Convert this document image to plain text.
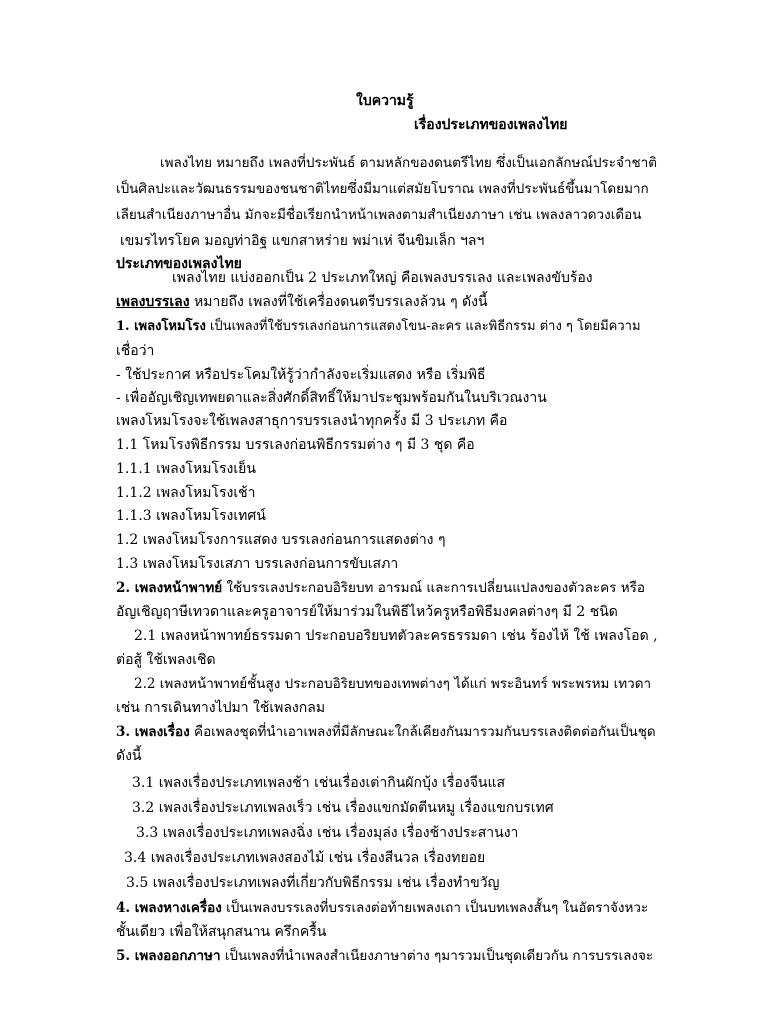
ใบความรู้
เรื่องประเภทของเพลงไทย
เพลงไทย หมายถึง เพลงที่ประพันธ์ ตามหลักของดนตรีไทย ซึ่งเป็นเอกลักษณ์ประจำชาติ
เป็นศิลปะและวัฒนธรรมของชนชาติไทยซึ่งมีมาแต่สมัยโบราณ เพลงที่ประพันธ์ขึ้นมาโดยมาก
เลียนสำเนียงภาษาอื่น มักจะมีชื่อเรียกนำหน้าเพลงตามสำเนียงภาษา เช่น เพลงลาวดวงเดือน
เขมรไทรโยค มอญท่าอิฐ แขกสาหร่าย พม่าเห่ จีนขิมเล็ก ฯลฯ
ประเภทของเพลงไทย
เพลงไทย แบ่งออกเป็น 2 ประเภทใหญ่ คือเพลงบรรเลง และเพลงขับร้อง
เพลงบรรเลง หมายถึง เพลงที่ใช้เครื่องดนตรีบรรเลงล้วน ๆ ดังนี้
1. เพลงโหมโรง เป็นเพลงที่ใช้บรรเลงก่อนการแสดงโขน-ละคร และพิธีกรรม ต่าง ๆ โดยมีความ
เชื่อว่า
- ใช้ประกาศ หรือประโคมให้รู้ว่ากำลังจะเริ่มแสดง หรือ เริ่มพิธี
- เพื่ออัญเชิญเทพยดาและสิ่งศักดิ์สิทธิ์ให้มาประชุมพร้อมกันในบริเวณงาน
เพลงโหมโรงจะใช้เพลงสาธุการบรรเลงนำทุกครั้ง มี 3 ประเภท คือ
1.1 โหมโรงพิธีกรรม บรรเลงก่อนพิธีกรรมต่าง ๆ มี 3 ชุด คือ
1.1.1 เพลงโหมโรงเย็น
1.1.2 เพลงโหมโรงเช้า
1.1.3 เพลงโหมโรงเทศน์
1.2 เพลงโหมโรงการแสดง บรรเลงก่อนการแสดงต่าง ๆ
1.3 เพลงโหมโรงเสภา บรรเลงก่อนการขับเสภา
2. เพลงหน้าพาทย์ ใช้บรรเลงประกอบอิริยบท อารมณ์ และการเปลี่ยนแปลงของตัวละคร หรือ
อัญเชิญฤาษีเทวดาและครูอาจารย์ให้มาร่วมในพิธีไหว้ครูหรือพิธีมงคลต่างๆ มี 2 ชนิด
2.1 เพลงหน้าพาทย์ธรรมดา ประกอบอริยบทตัวละครธรรมดา เช่น ร้องไห้ ใช้ เพลงโอด ,
ต่อสู้ ใช้เพลงเชิด
2.2 เพลงหน้าพาทย์ชั้นสูง ประกอบอิริยบทของเทพต่างๆ ได้แก่ พระอินทร์ พระพรหม เทวดา
เช่น การเดินทางไปมา ใช้เพลงกลม
3. เพลงเรื่อง คือเพลงชุดที่นำเอาเพลงที่มีลักษณะใกล้เคียงกันมารวมกันบรรเลงติดต่อกันเป็นชุด
ดังนี้
3.1 เพลงเรื่องประเภทเพลงช้า เช่นเรื่องเต่ากินผักบุ้ง เรื่องจีนแส
3.2 เพลงเรื่องประเภทเพลงเร็ว เช่น เรื่องแขกมัดตีนหมู เรื่องแขกบรเทศ
3.3 เพลงเรื่องประเภทเพลงฉิ่ง เช่น เรื่องมุล่ง เรื่องช้างประสานงา
3.4 เพลงเรื่องประเภทเพลงสองไม้ เช่น เรื่องสีนวล เรื่องทยอย
3.5 เพลงเรื่องประเภทเพลงที่เกี่ยวกับพิธีกรรม เช่น เรื่องทำขวัญ
4. เพลงหางเครื่อง เป็นเพลงบรรเลงที่บรรเลงต่อท้ายเพลงเถา เป็นบทเพลงสั้นๆ ในอัตราจังหวะ
ชั้นเดียว เพื่อให้สนุกสนาน ครึกครื้น
5. เพลงออกภาษา เป็นเพลงที่นำเพลงสำเนียงภาษาต่าง ๆมารวมเป็นชุดเดียวกัน การบรรเลงจะ
